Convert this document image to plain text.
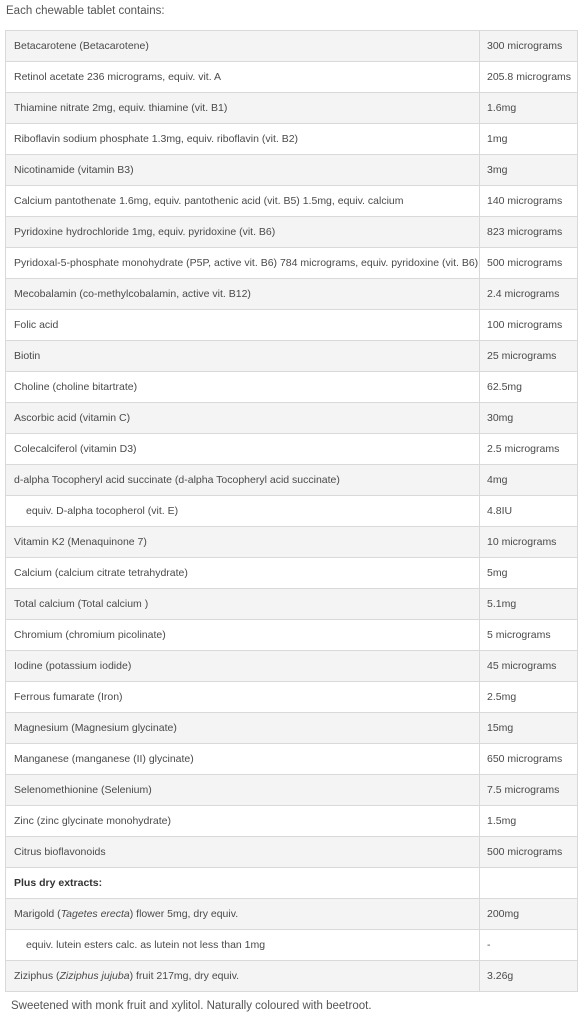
Each chewable tablet contains:
Betacarotene (Betacarotene)	300 micrograms
Retinol acetate 236 micrograms, equiv. vit. A	205.8 micrograms
Thiamine nitrate 2mg, equiv. thiamine (vit. B1)	1.6mg
Riboflavin sodium phosphate 1.3mg, equiv. riboflavin (vit. B2)	1mg
Nicotinamide (vitamin B3)	3mg
Calcium pantothenate 1.6mg, equiv. pantothenic acid (vit. B5) 1.5mg, equiv. calcium	140 micrograms
Pyridoxine hydrochloride 1mg, equiv. pyridoxine (vit. B6)	823 micrograms
Pyridoxal-5-phosphate monohydrate (P5P, active vit. B6) 784 micrograms, equiv. pyridoxine (vit. B6)	500 micrograms
Mecobalamin (co-methylcobalamin, active vit. B12)	2.4 micrograms
Folic acid	100 micrograms
Biotin	25 micrograms
Choline (choline bitartrate)	62.5mg
Ascorbic acid (vitamin C)	30mg
Colecalciferol (vitamin D3)	2.5 micrograms
d-alpha Tocopheryl acid succinate (d-alpha Tocopheryl acid succinate)	4mg
equiv. D-alpha tocopherol (vit. E)	4.8IU
Vitamin K2 (Menaquinone 7)	10 micrograms
Calcium (calcium citrate tetrahydrate)	5mg
Total calcium (Total calcium )	5.1mg
Chromium (chromium picolinate)	5 micrograms
Iodine (potassium iodide)	45 micrograms
Ferrous fumarate (Iron)	2.5mg
Magnesium (Magnesium glycinate)	15mg
Manganese (manganese (II) glycinate)	650 micrograms
Selenomethionine (Selenium)	7.5 micrograms
Zinc (zinc glycinate monohydrate)	1.5mg
Citrus bioflavonoids	500 micrograms
Plus dry extracts:	
Marigold (Tagetes erecta) flower 5mg, dry equiv.	200mg
equiv. lutein esters calc. as lutein not less than 1mg	-
Ziziphus (Ziziphus jujuba) fruit 217mg, dry equiv.	3.26g
Sweetened with monk fruit and xylitol. Naturally coloured with beetroot.
